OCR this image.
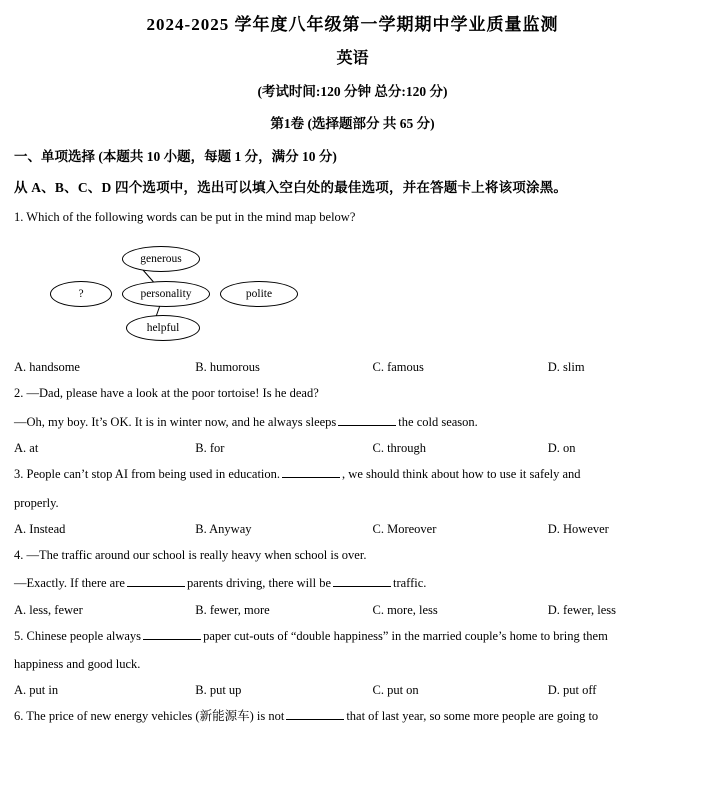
2024-2025 学年度八年级第一学期期中学业质量监测
英语
(考试时间:120 分钟 总分:120 分)
第1卷 (选择题部分 共 65 分)
一、单项选择 (本题共 10 小题，每题 1 分，满分 10 分)
从 A、B、C、D 四个选项中，选出可以填入空白处的最佳选项，并在答题卡上将该项涂黑。
1. Which of the following words can be put in the mind map below?
generous
?	personality	polite
helpful
A. handsome	B. humorous	C. famous	D. slim
2. —Dad, please have a look at the poor tortoise! Is he dead?
—Oh, my boy. It’s OK. It is in winter now, and he always sleeps	the cold season.
A. at	B. for	C. through	D. on
3. People can’t stop AI from being used in education.	, we should think about how to use it safely and
properly.
A. Instead	B. Anyway	C. Moreover	D. However
4. —The traffic around our school is really heavy when school is over.
—Exactly. If there are	parents driving, there will be	traffic.
A. less, fewer	B. fewer, more	C. more, less	D. fewer, less
5. Chinese people always	paper cut-outs of “double happiness” in the married couple’s home to bring them
happiness and good luck.
A. put in	B. put up	C. put on	D. put off
6. The price of new energy vehicles (新能源车) is not	that of last year, so some more people are going to
